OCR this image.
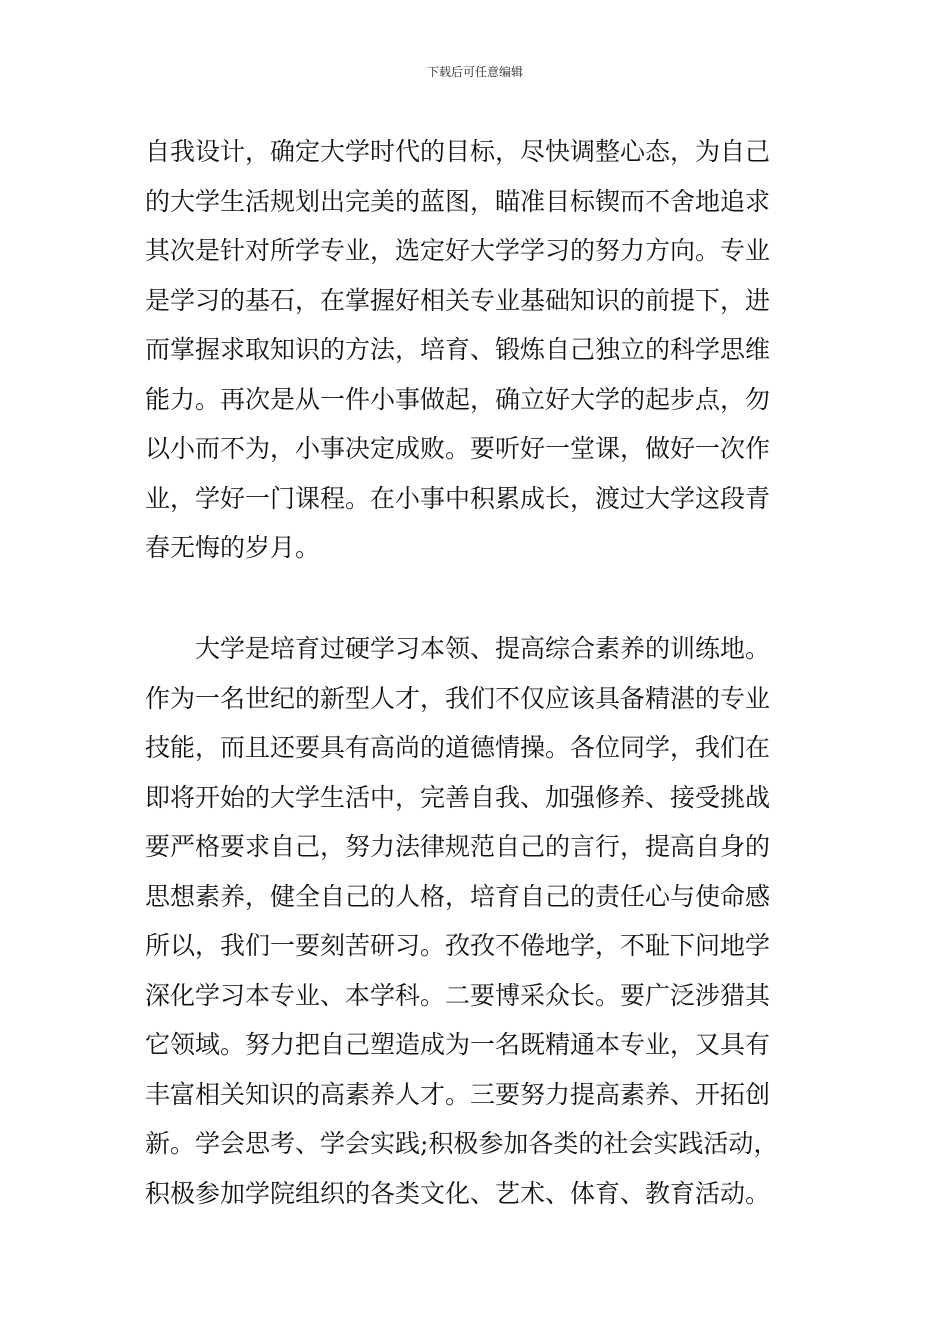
下载后可任意编辑
自我设计，确定大学时代的目标，尽快调整心态，为自己
的大学生活规划出完美的蓝图，瞄准目标锲而不舍地追求
其次是针对所学专业，选定好大学学习的努力方向。专业
是学习的基石，在掌握好相关专业基础知识的前提下，进
而掌握求取知识的方法，培育、锻炼自己独立的科学思维
能力。再次是从一件小事做起，确立好大学的起步点，勿
以小而不为，小事决定成败。要听好一堂课，做好一次作
业，学好一门课程。在小事中积累成长，渡过大学这段青
春无悔的岁月。
大学是培育过硬学习本领、提高综合素养的训练地。
作为一名世纪的新型人才，我们不仅应该具备精湛的专业
技能，而且还要具有高尚的道德情操。各位同学，我们在
即将开始的大学生活中，完善自我、加强修养、接受挑战
要严格要求自己，努力法律规范自己的言行，提高自身的
思想素养，健全自己的人格，培育自己的责任心与使命感
所以，我们一要刻苦研习。孜孜不倦地学，不耻下问地学
深化学习本专业、本学科。二要博采众长。要广泛涉猎其
它领域。努力把自己塑造成为一名既精通本专业，又具有
丰富相关知识的高素养人才。三要努力提高素养、开拓创
新。学会思考、学会实践;积极参加各类的社会实践活动，
积极参加学院组织的各类文化、艺术、体育、教育活动。
